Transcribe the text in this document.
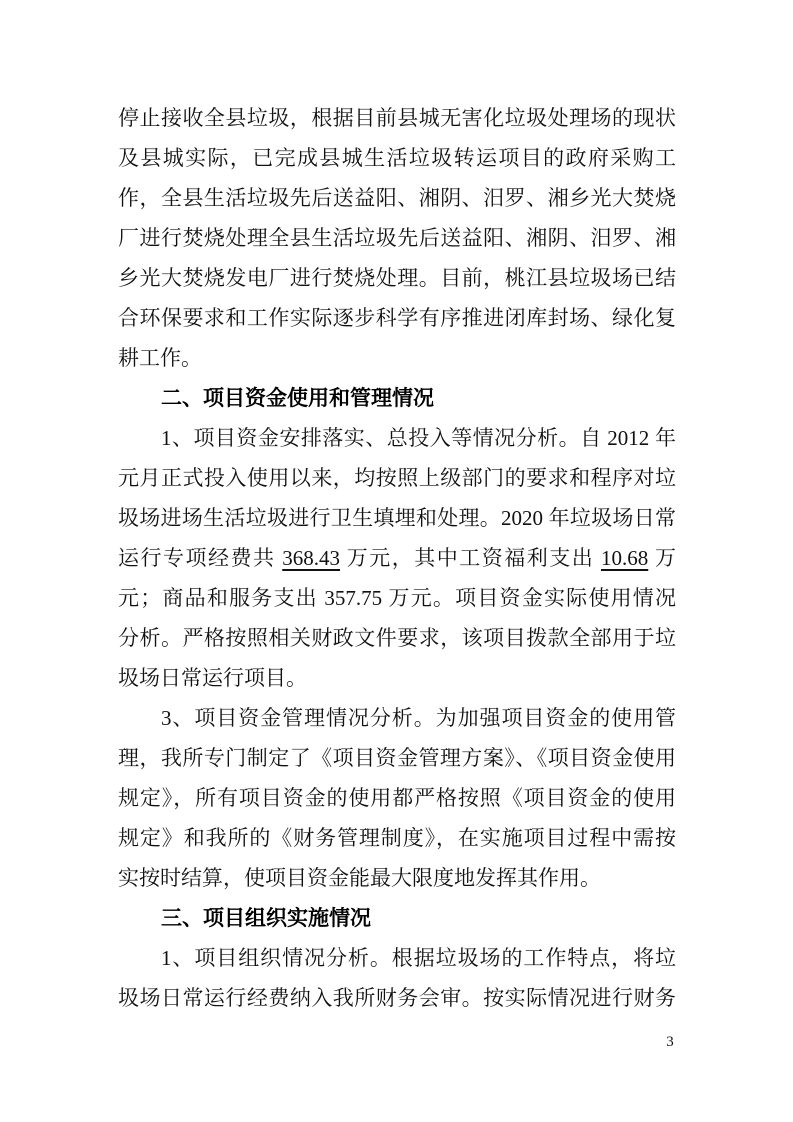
停止接收全县垃圾，根据目前县城无害化垃圾处理场的现状
及县城实际，已完成县城生活垃圾转运项目的政府采购工
作，全县生活垃圾先后送益阳、湘阴、汨罗、湘乡光大焚烧
厂进行焚烧处理全县生活垃圾先后送益阳、湘阴、汨罗、湘
乡光大焚烧发电厂进行焚烧处理。目前，桃江县垃圾场已结
合环保要求和工作实际逐步科学有序推进闭库封场、绿化复
耕工作。
二、项目资金使用和管理情况
1、项目资金安排落实、总投入等情况分析。自 2012 年
元月正式投入使用以来，均按照上级部门的要求和程序对垃
圾场进场生活垃圾进行卫生填埋和处理。2020 年垃圾场日常
运行专项经费共 368.43 万元，其中工资福利支出 10.68 万
元；商品和服务支出 357.75 万元。项目资金实际使用情况
分析。严格按照相关财政文件要求，该项目拨款全部用于垃
圾场日常运行项目。
3、项目资金管理情况分析。为加强项目资金的使用管
理，我所专门制定了《项目资金管理方案》、《项目资金使用
规定》，所有项目资金的使用都严格按照《项目资金的使用
规定》和我所的《财务管理制度》，在实施项目过程中需按
实按时结算，使项目资金能最大限度地发挥其作用。
三、项目组织实施情况
1、项目组织情况分析。根据垃圾场的工作特点，将垃
圾场日常运行经费纳入我所财务会审。按实际情况进行财务
3
